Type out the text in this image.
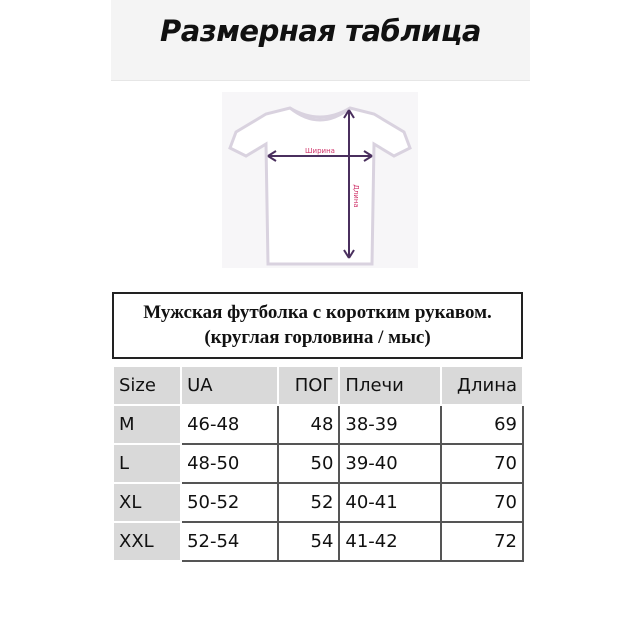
Размерная таблица
Ширина
Длина
Мужская футболка с коротким рукавом.
(круглая горловина / мыс)
Size	UA	ПОГ	Плечи	Длина
M	46-48	48	38-39	69
L	48-50	50	39-40	70
XL	50-52	52	40-41	70
XXL	52-54	54	41-42	72
